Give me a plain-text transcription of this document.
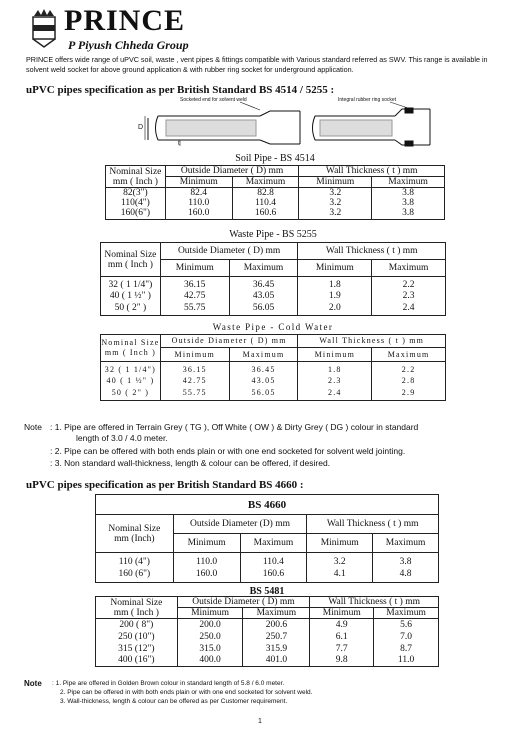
PRINCE PRINCE
P Piyush Chheda Group
PRINCE offers wide range of uPVC soil, waste , vent pipes & fittings compatible with Various standard referred as SWV. This range is available in solvent weld socket for above ground application & with rubber ring socket for underground application.
uPVC pipes specification as per British Standard BS 4514 / 5255 :
Socketed end for solvent weld	Integral rubber ring socket
D
t
Soil Pipe - BS 4514
Nominal Size
mm ( Inch )	Outside Diameter ( D) mm		Wall Thickness ( t ) mm	
	Minimum	Maximum	Minimum	Maximum
82(3")	82.4	82.8	3.2	3.8
110(4")	110.0	110.4	3.2	3.8
160(6")	160.0	160.6	3.2	3.8
Waste Pipe - BS 5255
Nominal Size
mm ( Inch )	Outside Diameter ( D) mm		Wall Thickness ( t ) mm	
	Minimum	Maximum	Minimum	Maximum
32 ( 1 1/4")	36.15	36.45	1.8	2.2
40 ( 1 ½" )	42.75	43.05	1.9	2.3
50 ( 2" )	55.75	56.05	2.0	2.4
Waste Pipe - Cold Water
Nominal Size
mm ( Inch )	Outside Diameter ( D) mm		Wall Thickness ( t ) mm	
	Minimum	Maximum	Minimum	Maximum
32 ( 1 1/4")	36.15	36.45	1.8	2.2
40 ( 1 ½" )	42.75	43.05	2.3	2.8
50 ( 2" )	55.75	56.05	2.4	2.9
Note : 1. Pipe are offered in Terrain Grey ( TG ), Off White ( OW ) & Dirty Grey ( DG ) colour in standard
length of 3.0 / 4.0 meter.
: 2. Pipe can be offered with both ends plain or with one end socketed for solvent weld jointing.
: 3. Non standard wall-thickness, length & colour can be offered, if desired.
uPVC pipes specification as per British Standard BS 4660 :
BS 4660				
Nominal Size
mm (Inch)	Outside Diameter (D) mm		Wall Thickness ( t ) mm	
	Minimum	Maximum	Minimum	Maximum
110 (4")	110.0	110.4	3.2	3.8
160 (6")	160.0	160.6	4.1	4.8
BS 5481
Nominal Size
mm ( Inch )	Outside Diameter ( D) mm		Wall Thickness ( t ) mm	
	Minimum	Maximum	Minimum	Maximum
200 ( 8")	200.0	200.6	4.9	5.6
250 (10")	250.0	250.7	6.1	7.0
315 (12")	315.0	315.9	7.7	8.7
400 (16")	400.0	401.0	9.8	11.0
Note : 1. Pipe are offered in Golden Brown colour in standard length of 5.8 / 6.0 meter.
2. Pipe can be offered in with both ends plain or with one end socketed for solvent weld.
3. Wall-thickness, length & colour can be offered as per Customer requirement.
1
